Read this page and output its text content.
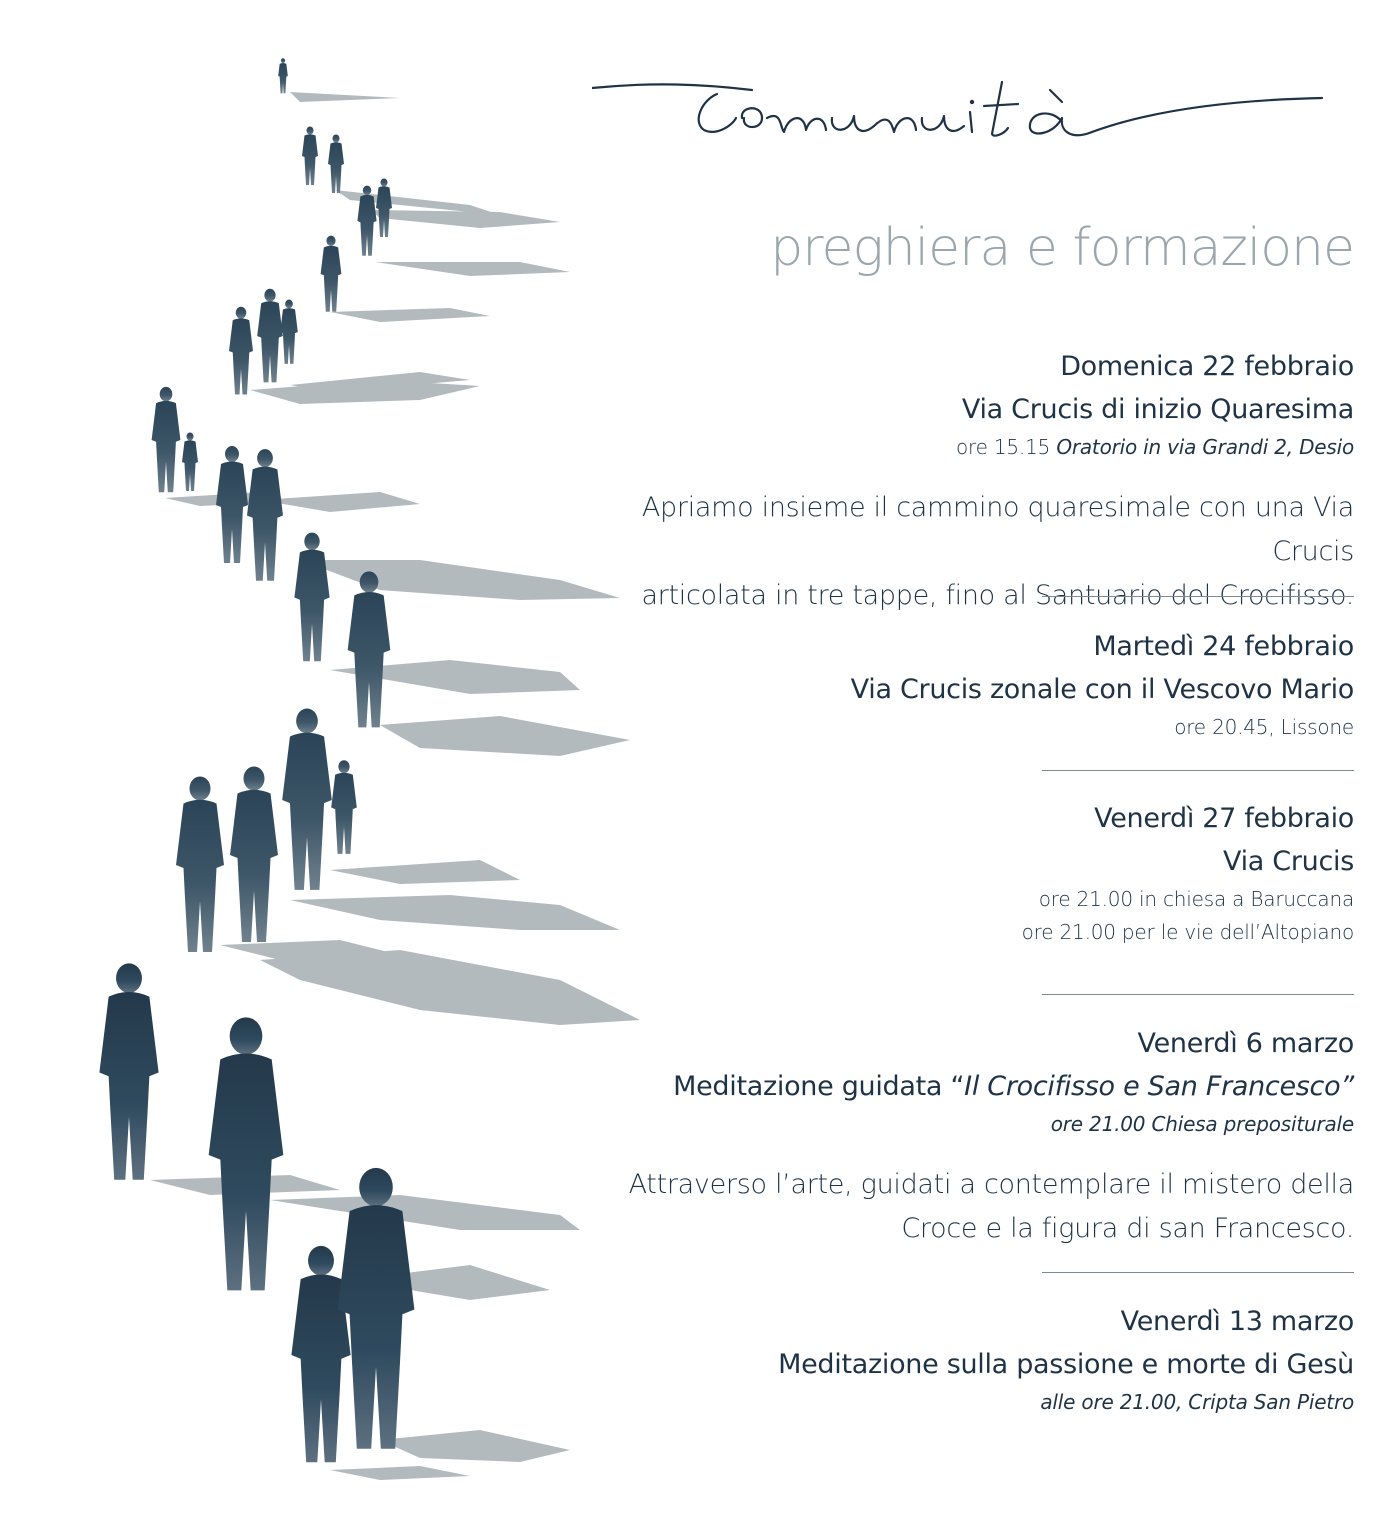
preghiera e formazione
Domenica 22 febbraio
Via Crucis di inizio Quaresima
ore 15.15 Oratorio in via Grandi 2, Desio
Apriamo insieme il cammino quaresimale con una Via Crucis
articolata in tre tappe, fino al Santuario del Crocifisso.
Martedì 24 febbraio
Via Crucis zonale con il Vescovo Mario
ore 20.45, Lissone
Venerdì 27 febbraio
Via Crucis
ore 21.00 in chiesa a Baruccana
ore 21.00 per le vie dell’Altopiano
Venerdì 6 marzo
Meditazione guidata “Il Crocifisso e San Francesco”
ore 21.00 Chiesa prepositurale
Attraverso l’arte, guidati a contemplare il mistero della
Croce e la figura di san Francesco.
Venerdì 13 marzo
Meditazione sulla passione e morte di Gesù
alle ore 21.00, Cripta San Pietro
